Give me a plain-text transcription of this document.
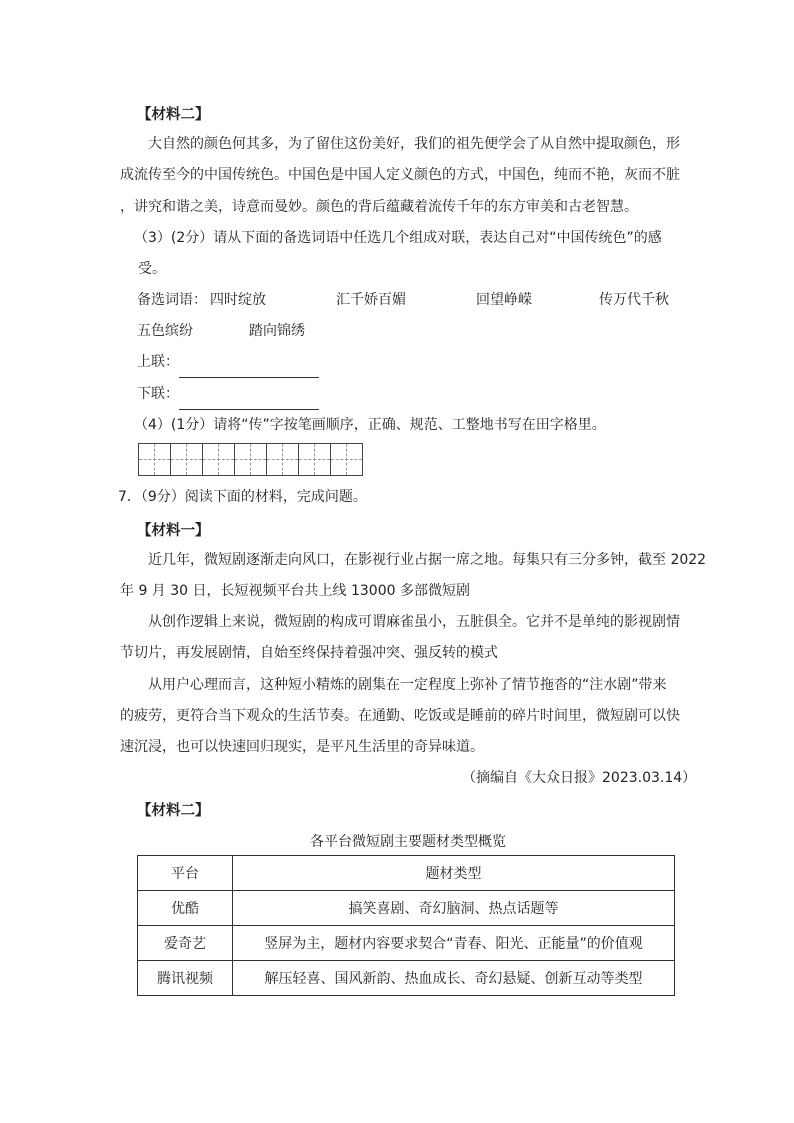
【材料二】
大自然的颜色何其多，为了留住这份美好，我们的祖先便学会了从自然中提取颜色，形
成流传至今的中国传统色。中国色是中国人定义颜色的方式，中国色，纯而不艳，灰而不脏
，讲究和谐之美，诗意而曼妙。颜色的背后蕴藏着流传千年的东方审美和古老智慧。
（3）(2分）请从下面的备选词语中任选几个组成对联，表达自己对“中国传统色”的感
受。
备选词语： 四时绽放	汇千娇百媚	回望峥嵘	传万代千秋
五色缤纷	踏向锦绣
上联：
下联：
（4）(1分）请将“传”字按笔画顺序，正确、规范、工整地书写在田字格里。
7．（9分）阅读下面的材料，完成问题。
【材料一】
近几年，微短剧逐渐走向风口，在影视行业占据一席之地。每集只有三分多钟，截至 2022
年 9 月 30 日，长短视频平台共上线 13000 多部微短剧
从创作逻辑上来说，微短剧的构成可谓麻雀虽小，五脏俱全。它并不是单纯的影视剧情
节切片，再发展剧情，自始至终保持着强冲突、强反转的模式
从用户心理而言，这种短小精炼的剧集在一定程度上弥补了情节拖沓的“注水剧”带来
的疲劳，更符合当下观众的生活节奏。在通勤、吃饭或是睡前的碎片时间里，微短剧可以快
速沉浸，也可以快速回归现实，是平凡生活里的奇异味道。
（摘编自《大众日报》2023.03.14）
【材料二】
各平台微短剧主要题材类型概览
平台	题材类型
优酷	搞笑喜剧、奇幻脑洞、热点话题等
爱奇艺	竖屏为主，题材内容要求契合“青春、阳光、正能量”的价值观
腾讯视频	解压轻喜、国风新韵、热血成长、奇幻悬疑、创新互动等类型
